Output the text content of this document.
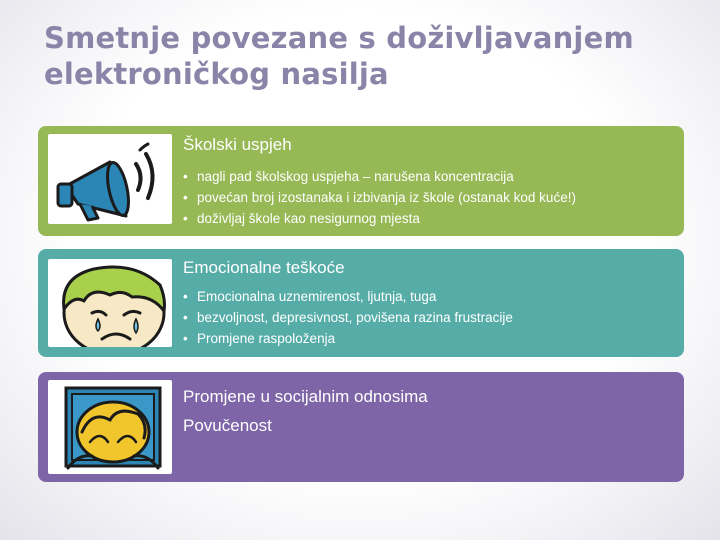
Smetnje povezane s doživljavanjem
elektroničkog nasilja
Školski uspjeh
• nagli pad školskog uspjeha – narušena koncentracija
• povećan broj izostanaka i izbivanja iz škole (ostanak kod kuće!)
• doživljaj škole kao nesigurnog mjesta
Emocionalne teškoće
• Emocionalna uznemirenost, ljutnja, tuga
• bezvoljnost, depresivnost, povišena razina frustracije
• Promjene raspoloženja
Promjene u socijalnim odnosima
Povučenost
